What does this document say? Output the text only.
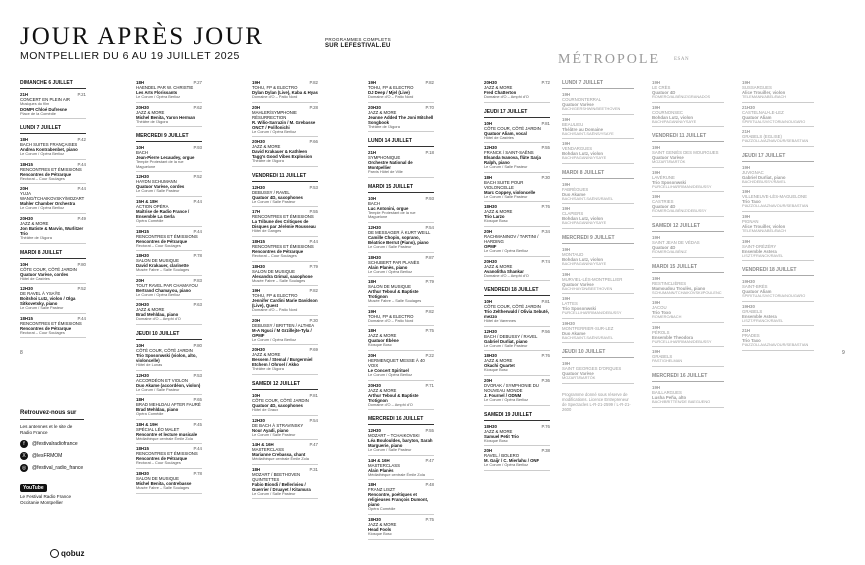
JOUR APRÈS JOUR
MONTPELLIER DU 6 AU 19 JUILLET 2025
PROGRAMMES COMPLETS
SUR LEFESTIVAL.EU
MÉTROPOLE	ESAN
8	9
DIMANCHE 6 JUILLET
21H	P.21
CONCERT EN PLEIN AIR
Musiques du film
DOMPI Chloé Dufresne
Place de la Comédie
LUNDI 7 JUILLET
18H	P.42
BACH SUITES FRANÇAISES
Andrea Kontrabenbet, piano
Le Corum / Opéra Berlioz
18H15	P.44
RENCONTRES ET ÉMISSIONS
Rencontres de Pétrarque
Rectorat – Cour Soulages
20H	P.44
YUJA WANG/TCHAIKOVSKY/MOZART
Mahler Chamber Orchestra
Le Corum / Opéra Berlioz
20H30	P.49
JAZZ & MORE
Jon Batiste & Marvin, Wurlitzer Trio
Théâtre de l'Agora
MARDI 8 JUILLET
10H	P.80
CÔTE COUR, CÔTÉ JARDIN
Quatuor Varèse, cordes
Hôtel de Castries
12H30	P.52
DE RAVEL À YSAŸE
Boitshoi Lutz, violon / Olga Sitkovetsky, piano
Le Corum / Salle Pasteur
18H15	P.44
RENCONTRES ET ÉMISSIONS
Rencontres de Pétrarque
Rectorat – Cour Soulages
18H	P.27
HAENDEL PAR W. CHRISTIE
Les Arts Florissants
Le Corum / Opéra Berlioz
20H30	P.62
JAZZ & MORE
Michel Benita, Yaron Herman
Théâtre de l'Agora
MERCREDI 9 JUILLET
10H	P.93
BACH
Jean-Pierre Lecaudey, orgue
Temple Protestant de la rue Maguelone
12H30	P.52
HAYDN SCHUMANN
Quatuor Varèse, cordes
Le Corum / Salle Pasteur
15H & 18H	P.44
ACTION OPÉRA
Maîtrise de Radio France / Ensemble La Gerla
Opéra Comédie
18H15	P.44
RENCONTRES ET ÉMISSIONS
Rencontres de Pétrarque
Rectorat – Cour Soulages
18H30	P.78
SALON DE MUSIQUE
David Krakauer, clarinette
Musée Fabre – Salle Soulages
20H	P.83
TOUT RAVEL PAR CHAMAYOU
Bertrand Chamayou, piano
Le Corum / Opéra Berlioz
20H30	P.63
JAZZ & MORE
Brad Mehldau, piano
Domaine d'O – Amphi d'O
JEUDI 10 JUILLET
10H	P.80
CÔTÉ COUR, CÔTÉ JARDIN
Trio Sposonwski (violon, alto, violoncelle)
Hôtel de Lunas
12H30	P.53
ACCORDÉON ET VIOLON
Duo Akame (accordéon, violon)
Le Corum / Salle Pasteur
18H	P.65
BRAD MEHLDAU AFTER FAURÉ
Brad Mehldau, piano
Opéra Comédie
18H & 19H	P.45
SPÉCIAL LÉO MALET
Rencontre et lecture musicale
Médiathèque centrale Émile Zola
18H15	P.44
RENCONTRES ET ÉMISSIONS
Rencontres de Pétrarque
Rectorat – Cour Soulages
18H30	P.78
SALON DE MUSIQUE
Michel Benita, contrebasse
Musée Fabre – Salle Soulages
19H	P.82
TOHU, FP & ELECTRO
Dylan Dylan (Live), Kaba & Hyas
Domaine d'O – Patio Nord
20H	P.28
MAHLER/SYMPHONIE RÉSURRECTION
R. Wilio-Sarrazin / M. Grebasse ONCT / Polifonichi
Le Corum / Opéra Berlioz
20H30	P.66
JAZZ & MORE
David Krakauer & Kathleen Tagg's Good Vibes Explosion
Théâtre de l'Agora
VENDREDI 11 JUILLET
12H30	P.53
DEBUSSY / RAVEL
Quatuor 4D, saxophones
Le Corum / Salle Pasteur
17H	P.55
RENCONTRES ET ÉMISSIONS
La Tribune des Critiques de Disques par Jérémie Rousseau
Hôtel de Ganges
18H15	P.44
RENCONTRES ET ÉMISSIONS
Rencontres de Pétrarque
Rectorat – Cour Soulages
18H30	P.79
SALON DE MUSIQUE
Alexandra Grimal, saxophone
Musée Fabre – Salle Soulages
19H	P.82
TOHU, FP & ELECTRO
Jennifer Cardini Marie Davidson (Live), Quest
Domaine d'O – Patio Nord
20H	P.30
DEBUSSY / BRITTEN / ALTHEA
M-A Nguci / M Grzillejte-Tyla / OPMF
Le Corum / Opéra Berlioz
20H30	P.69
JAZZ & MORE
Bessem / Stemal / Burgermiel Etchem / Ohroel / Akko
Théâtre de l'Agora
SAMEDI 12 JUILLET
10H	P.81
CÔTE COUR, CÔTÉ JARDIN
Quatuor 4D, saxophones
Hôtel de Graux
12H30	P.54
DE BACH À STRAVINSKY
Nour Ayadi, piano
Le Corum / Salle Pasteur
14H & 16H	P.47
MASTERCLASS
Marianne Crebassa, chant
Médiathèque centrale Émile Zola
18H	P.31
MOZART / BEETHOVEN QUINTETTES
Fabio Biondi / Bellerivieu / Guerrier / Druayet / Kitamura
Le Corum / Salle Pasteur
19H	P.82
TOHU, FP & ELECTRO
DJ Deep / Mjel (Live)
Domaine d'O – Patio Nord
20H30	P.70
JAZZ & MORE
Jeanne Added The Joni Mitchell Songbook
Théâtre de l'Agora
LUNDI 14 JUILLET
21H	P.18
SYMPHONIQUE
Orchestre National de Montpellier
Parvis Hôtel de Ville
MARDI 15 JUILLET
10H	P.93
BACH
Luc Antonini, orgue
Temple Protestant de la rue Maguelone
12H30	P.54
DE MESSAGER À KURT WEILL
Camille Chopin, soprano, Béatrice Berrut (Piano), piano
Le Corum / Salle Pasteur
18H30	P.87
SCHUBERT PAR PLANÈS
Alain Planès, piano
Le Corum / Opéra Berlioz
18H	P.79
SALON DE MUSIQUE
Arthur Teboul & Baptiste Trotignon
Musée Fabre – Salle Soulages
19H	P.82
TOHU, FP & ELECTRO
Domaine d'O – Patio Nord
18H	P.75
JAZZ & MORE
Quatuor Ébène
Kiosque Bosc
20H	P.22
HERMENQUET MESSE À 40 VOIX
Le Concert Spirituel
Le Corum / Opéra Berlioz
20H30	P.71
JAZZ & MORE
Arthur Teboul & Baptiste Trotignon
Domaine d'O – Amphi d'O
MERCREDI 16 JUILLET
12H30	P.55
MOZART – TCHAIKOVSKI
Léa Boulouldes, baryton, Sarah Marguerie, piano
Le Corum / Salle Pasteur
14H & 16H	P.47
MASTERCLASS
Alain Planès
Médiathèque centrale Émile Zola
18H	P.48
FRANZ LISZT
Rencontre, poétiques et religieuses François Dumont, piano
Opéra Comédie
18H30	P.75
JAZZ & MORE
Head Fools
Kiosque Bosc
20H30	P.72
JAZZ & MORE
Fred Chatterton
Domaine d'O – Amphi d'O
JEUDI 17 JUILLET
10H	P.81
CÔTE COUR, CÔTÉ JARDIN
Quatuor Aliam, vocal
Hôtel de Castries
12H30	P.55
FRANCK / SAINT-SAËNS
Elsanda Ivanova, flûte Sarja Ralph, piano
Le Corum / Salle Pasteur
18H	P.30
BACH SUITE POUR VIOLONCELLE
Marc Coppey, violoncelle
Le Corum / Salle Pasteur
18H30	P.76
JAZZ & MORE
Trio Larzo
Kiosque Bosc
20H	P.34
RACHMANINOV / TARTINI / HARDING
OPMF
Le Corum / Opéra Berlioz
20H30	P.74
JAZZ & MORE
Avanolitha Shankar
Domaine d'O – Amphi d'O
VENDREDI 18 JUILLET
10H	P.81
CÔTE COUR, CÔTÉ JARDIN
Trio Zeltherwald / Olivia Sebuté, mezzo
Hôtel de Varennes
12H30	P.56
BACH / DEBUSSY / RAVEL
Gabriel Durliat, piano
Le Corum / Salle Pasteur
18H30	P.76
JAZZ & MORE
Okachi Quartet
Kiosque Bosc
20H	P.36
DVORAK / SYMPHONIE DU NOUVEAU MONDE
J. Fournel / ODNM
Le Corum / Opéra Berlioz
SAMEDI 19 JUILLET
18H30	P.76
JAZZ & MORE
Samuel Petit Trio
Kiosque Bosc
20H	P.38
RAVEL / BOLERO
M. Gaijr / C. Mierlahu / ONF
Le Corum / Opéra Berlioz
LUNDI 7 JUILLET
19H
COURNONTERRAL
Quatuor Varèse
BACH/GERSHWIN/BEETHOVEN
19H
BEAULIEU
Théâtre au Domaine
BACH/SAINT-SAËNS/YSAŸE
19H
VENDARGUES
Bohdan Lutz, violon
BACH/PAGANINI/YSAŸE
MARDI 8 JUILLET
19H
FABRÈGUES
Duo Akame
BACH/SAINT-SAËNS/RAVEL
19H
CLAPIERS
Bohdan Lutz, violon
BACH/PAGANINI/YSAŸE
MERCREDI 9 JUILLET
19H
MONTAUD
Bohdan Lutz, violon
BACH/PAGANINI/YSAŸE
19H
MURVIEL-LÈS-MONTPELLIER
Quatuor Varèse
BACH/HAYDN/BEETHOVEN
19H
LATTES
Trio Sposonwski
PURCELL/HARRIMAN/DEBUSSY
19H30
MONTFERRIER-SUR-LEZ
Duo Akame
BACH/SAINT-SAËNS/RAVEL
JEUDI 10 JUILLET
19H
SAINT GEORGES D'ORQUES
Quatuor Varèse
MOZART/BARTÓK
Programme donné sous réserve de modifications. Licence Entrepreneur de Spectacles L-R-21-2599 / L-R-21-2600
19H
LE CRÈS
Quatuor 4D
ROMERO/ALBÉNIZ/GRANADOS
19H
COURNONSEC
Bohdan Lutz, violon
BACH/PAGANINI/YSAŸE
VENDREDI 11 JUILLET
19H
SAINT GENIÈS DES MOURGUES
Quatuor Varèse
MOZART/BARTÓK
19H
LAVÉRUNE
Trio Sposonwski
PURCELL/HARRIMAN/DEBUSSY
19H
CASTRIES
Quatuor 4D
ROMERO/ALBÉNIZ/DEBUSSY
SAMEDI 12 JUILLET
19H
SAINT JEAN DE VÉDAS
Quatuor 4D
ROMERO/ALBÉNIZ
MARDI 15 JUILLET
19H
RESTINCLIÈRES
Mamoudou Troulès, piano
SCHUMANN/TCHAIKOVSKI/POULENC
19H
JACOU
Trio Toxo
ROMERO/BACH
19H
PÉROLS
Ensemble Theodora
PURCELL/HARRIMAN/DEBUSSY
19H
GRABELS
PAST/GHELMAN
MERCREDI 16 JUILLET
19H
BAILLARGUES
Lusha Peña, alto
BACH/BRITTEN/DE BAEGUENO
19H
SUSSARGUES
Alice Trouiller, violon
TELEMANN/ABEL/BACH
21H30
CASTELNAU-LE-LEZ
Quatuor Aliam
SPIRITUALS/VICTORIA/NOUGARO
21H
GRABELS (EGLISE)
PIAZZOLLA/AZNAVOUR/SEBASTIAN
JEUDI 17 JUILLET
19H
JUVIGNAC
Gabriel Durliat, piano
BACH/DEBUSSY/RAVEL
19H
VILLENEUVE-LÈS-MAGUELONE
Trio Taxo
PIAZZOLLA/AZNAVOUR/SEBASTIAN
19H
PIGNAN
Alice Trouiller, violon
TELEMANN/ABEL/BACH
19H
SAINT-DRÉZÉRY
Ensemble Astera
LISZT/FRANCK/RAVEL
VENDREDI 18 JUILLET
19H30
SAINT-BRÈS
Quatuor Aliam
SPIRITUALS/VICTORIA/NOUGARO
19H30
GRABELS
Ensemble Astera
LISZT/FRANCK/RAVEL
21H
PRADES
Trio Taxo
PIAZZOLLA/AZNAVOUR/SEBASTIAN
Retrouvez-nous sur

Les antennes et le site de Radio France

f	@festivalradiofrance
X	@lesFRMOM
◎	@festival_radio_france
YouTube

Le Festival Radio France Occitanie Montpellier

qobuz
